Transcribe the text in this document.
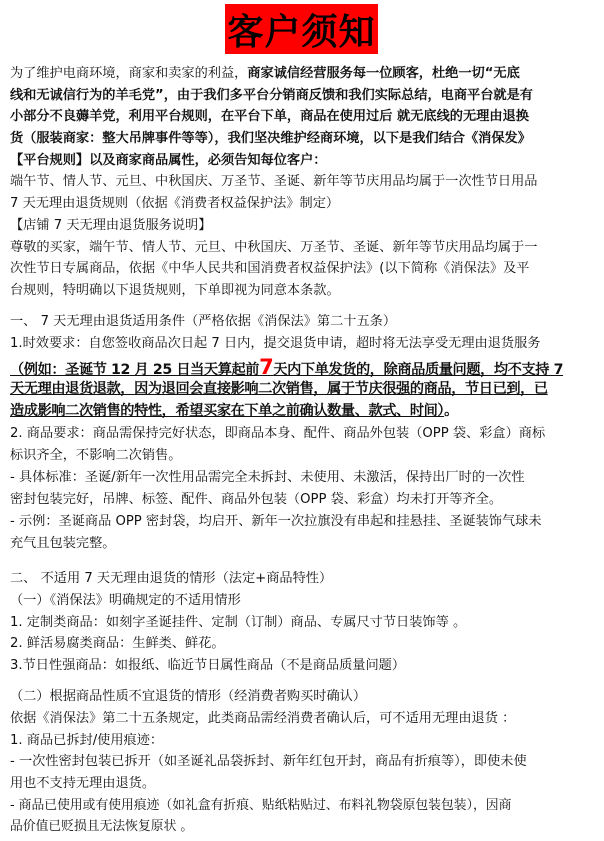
客户须知
为了维护电商环境，商家和卖家的利益，商家诚信经营服务每一位顾客，杜绝一切“无底
线和无诚信行为的羊毛党”，由于我们多平台分销商反馈和我们实际总结，电商平台就是有
小部分不良薅羊党，利用平台规则，在平台下单，商品在使用过后 就无底线的无理由退换
货（服装商家：整大吊牌事件等等），我们坚决维护经商环境，以下是我们结合《消保发》
【平台规则】以及商家商品属性，必须告知每位客户：
端午节、情人节、元旦、中秋国庆、万圣节、圣诞、新年等节庆用品均属于一次性节日用品
7 天无理由退货规则（依据《消费者权益保护法》制定）
【店铺 7 天无理由退货服务说明】
尊敬的买家，端午节、情人节、元旦、中秋国庆、万圣节、圣诞、新年等节庆用品均属于一
次性节日专属商品，依据《中华人民共和国消费者权益保护法》(以下简称《消保法》及平
台规则，特明确以下退货规则，下单即视为同意本条款。
一、 7 天无理由退货适用条件（严格依据《消保法》第二十五条）
1.时效要求：自您签收商品次日起 7 日内，提交退货申请，超时将无法享受无理由退货服务
（例如：圣诞节 12 月 25 日当天算起前7天内下单发货的，除商品质量问题，均不支持 7
天无理由退货退款，因为退回会直接影响二次销售，属于节庆很强的商品，节日已到，已
造成影响二次销售的特性，希望买家在下单之前确认数量、款式、时间）。
2. 商品要求：商品需保持完好状态，即商品本身、配件、商品外包装（OPP 袋、彩盒）商标
标识齐全，不影响二次销售。
- 具体标准：圣诞/新年一次性用品需完全未拆封、未使用、未激活，保持出厂时的一次性
密封包装完好，吊牌、标签、配件、商品外包装（OPP 袋、彩盒）均未打开等齐全。
- 示例：圣诞商品 OPP 密封袋，均启开、新年一次拉旗没有串起和挂悬挂、圣诞装饰气球未
充气且包装完整。
二、 不适用 7 天无理由退货的情形（法定+商品特性）
（一）《消保法》明确规定的不适用情形
1. 定制类商品：如刻字圣诞挂件、定制（订制）商品、专属尺寸节日装饰等 。
2. 鲜活易腐类商品：生鲜类、鲜花。
3.节日性强商品：如报纸、临近节日属性商品（不是商品质量问题）
（二）根据商品性质不宜退货的情形（经消费者购买时确认）
依据《消保法》第二十五条规定，此类商品需经消费者确认后，可不适用无理由退货 ：
1. 商品已拆封/使用痕迹：
- 一次性密封包装已拆开（如圣诞礼品袋拆封、新年红包开封，商品有折痕等），即使未使
用也不支持无理由退货。
- 商品已使用或有使用痕迹（如礼盒有折痕、贴纸粘贴过、布料礼物袋原包装包装），因商
品价值已贬损且无法恢复原状 。
